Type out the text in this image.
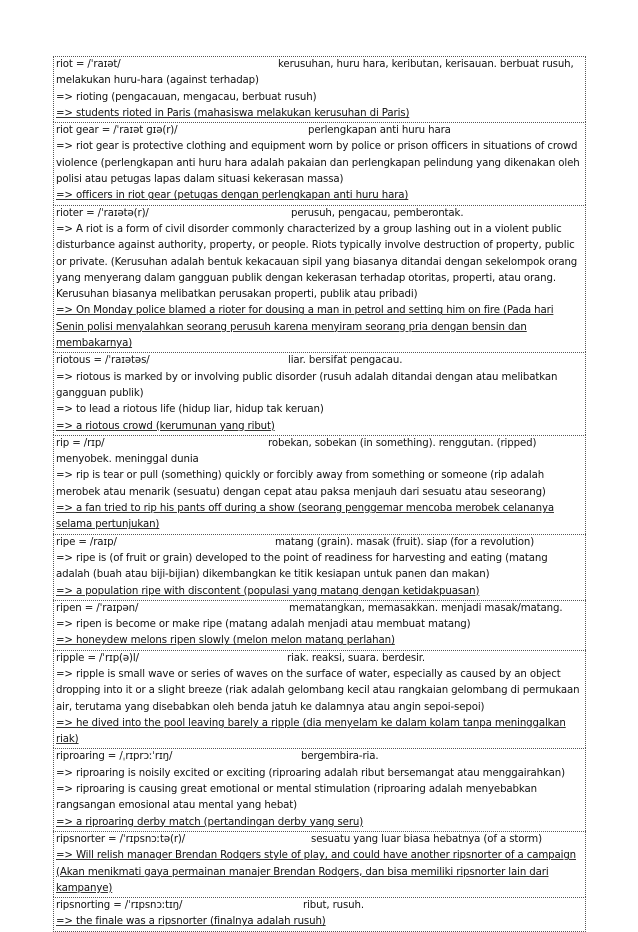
riot = /ˈraɪət/	kerusuhan, huru hara, keributan, kerisauan. berbuat rusuh,
melakukan huru-hara (against terhadap)
=> rioting (pengacauan, mengacau, berbuat rusuh)
=> students rioted in Paris (mahasiswa melakukan kerusuhan di Paris)
riot gear = /ˈraɪət ɡɪə(r)/	perlengkapan anti huru hara
=> riot gear is protective clothing and equipment worn by police or prison officers in situations of crowd violence (perlengkapan anti huru hara adalah pakaian dan perlengkapan pelindung yang dikenakan oleh polisi atau petugas lapas dalam situasi kekerasan massa)
=> officers in riot gear (petugas dengan perlengkapan anti huru hara)
rioter = /ˈraɪətə(r)/	perusuh, pengacau, pemberontak.
=> A riot is a form of civil disorder commonly characterized by a group lashing out in a violent public disturbance against authority, property, or people. Riots typically involve destruction of property, public or private. (Kerusuhan adalah bentuk kekacauan sipil yang biasanya ditandai dengan sekelompok orang yang menyerang dalam gangguan publik dengan kekerasan terhadap otoritas, properti, atau orang. Kerusuhan biasanya melibatkan perusakan properti, publik atau pribadi)
=> On Monday police blamed a rioter for dousing a man in petrol and setting him on fire (Pada hari Senin polisi menyalahkan seorang perusuh karena menyiram seorang pria dengan bensin dan membakarnya)
riotous = /ˈraɪətəs/	liar. bersifat pengacau.
=> riotous is marked by or involving public disorder (rusuh adalah ditandai dengan atau melibatkan gangguan publik)
=> to lead a riotous life (hidup liar, hidup tak keruan)
=> a riotous crowd (kerumunan yang ribut)
rip = /rɪp/	robekan, sobekan (in something). renggutan. (ripped)
menyobek. meninggal dunia
=> rip is tear or pull (something) quickly or forcibly away from something or someone (rip adalah merobek atau menarik (sesuatu) dengan cepat atau paksa menjauh dari sesuatu atau seseorang)
=> a fan tried to rip his pants off during a show (seorang penggemar mencoba merobek celananya selama pertunjukan)
ripe = /raɪp/	matang (grain). masak (fruit). siap (for a revolution)
=> ripe is (of fruit or grain) developed to the point of readiness for harvesting and eating (matang adalah (buah atau biji-bijian) dikembangkan ke titik kesiapan untuk panen dan makan)
=> a population ripe with discontent (populasi yang matang dengan ketidakpuasan)
ripen = /ˈraɪpən/	mematangkan, memasakkan. menjadi masak/matang.
=> ripen is become or make ripe (matang adalah menjadi atau membuat matang)
=> honeydew melons ripen slowly (melon melon matang perlahan)
ripple = /ˈrɪp(ə)l/	riak. reaksi, suara. berdesir.
=> ripple is small wave or series of waves on the surface of water, especially as caused by an object dropping into it or a slight breeze (riak adalah gelombang kecil atau rangkaian gelombang di permukaan air, terutama yang disebabkan oleh benda jatuh ke dalamnya atau angin sepoi-sepoi)
=> he dived into the pool leaving barely a ripple (dia menyelam ke dalam kolam tanpa meninggalkan riak)
riproaring = /ˌrɪprɔːˈrɪŋ/	bergembira-ria.
=> riproaring is noisily excited or exciting (riproaring adalah ribut bersemangat atau menggairahkan)
=> riproaring is causing great emotional or mental stimulation (riproaring adalah menyebabkan rangsangan emosional atau mental yang hebat)
=> a riproaring derby match (pertandingan derby yang seru)
ripsnorter = /ˈrɪpsnɔːtə(r)/	sesuatu yang luar biasa hebatnya (of a storm)
=> Will relish manager Brendan Rodgers style of play, and could have another ripsnorter of a campaign (Akan menikmati gaya permainan manajer Brendan Rodgers, dan bisa memiliki ripsnorter lain dari kampanye)
ripsnorting = /ˈrɪpsnɔːtɪŋ/	ribut, rusuh.
=> the finale was a ripsnorter (finalnya adalah rusuh)
